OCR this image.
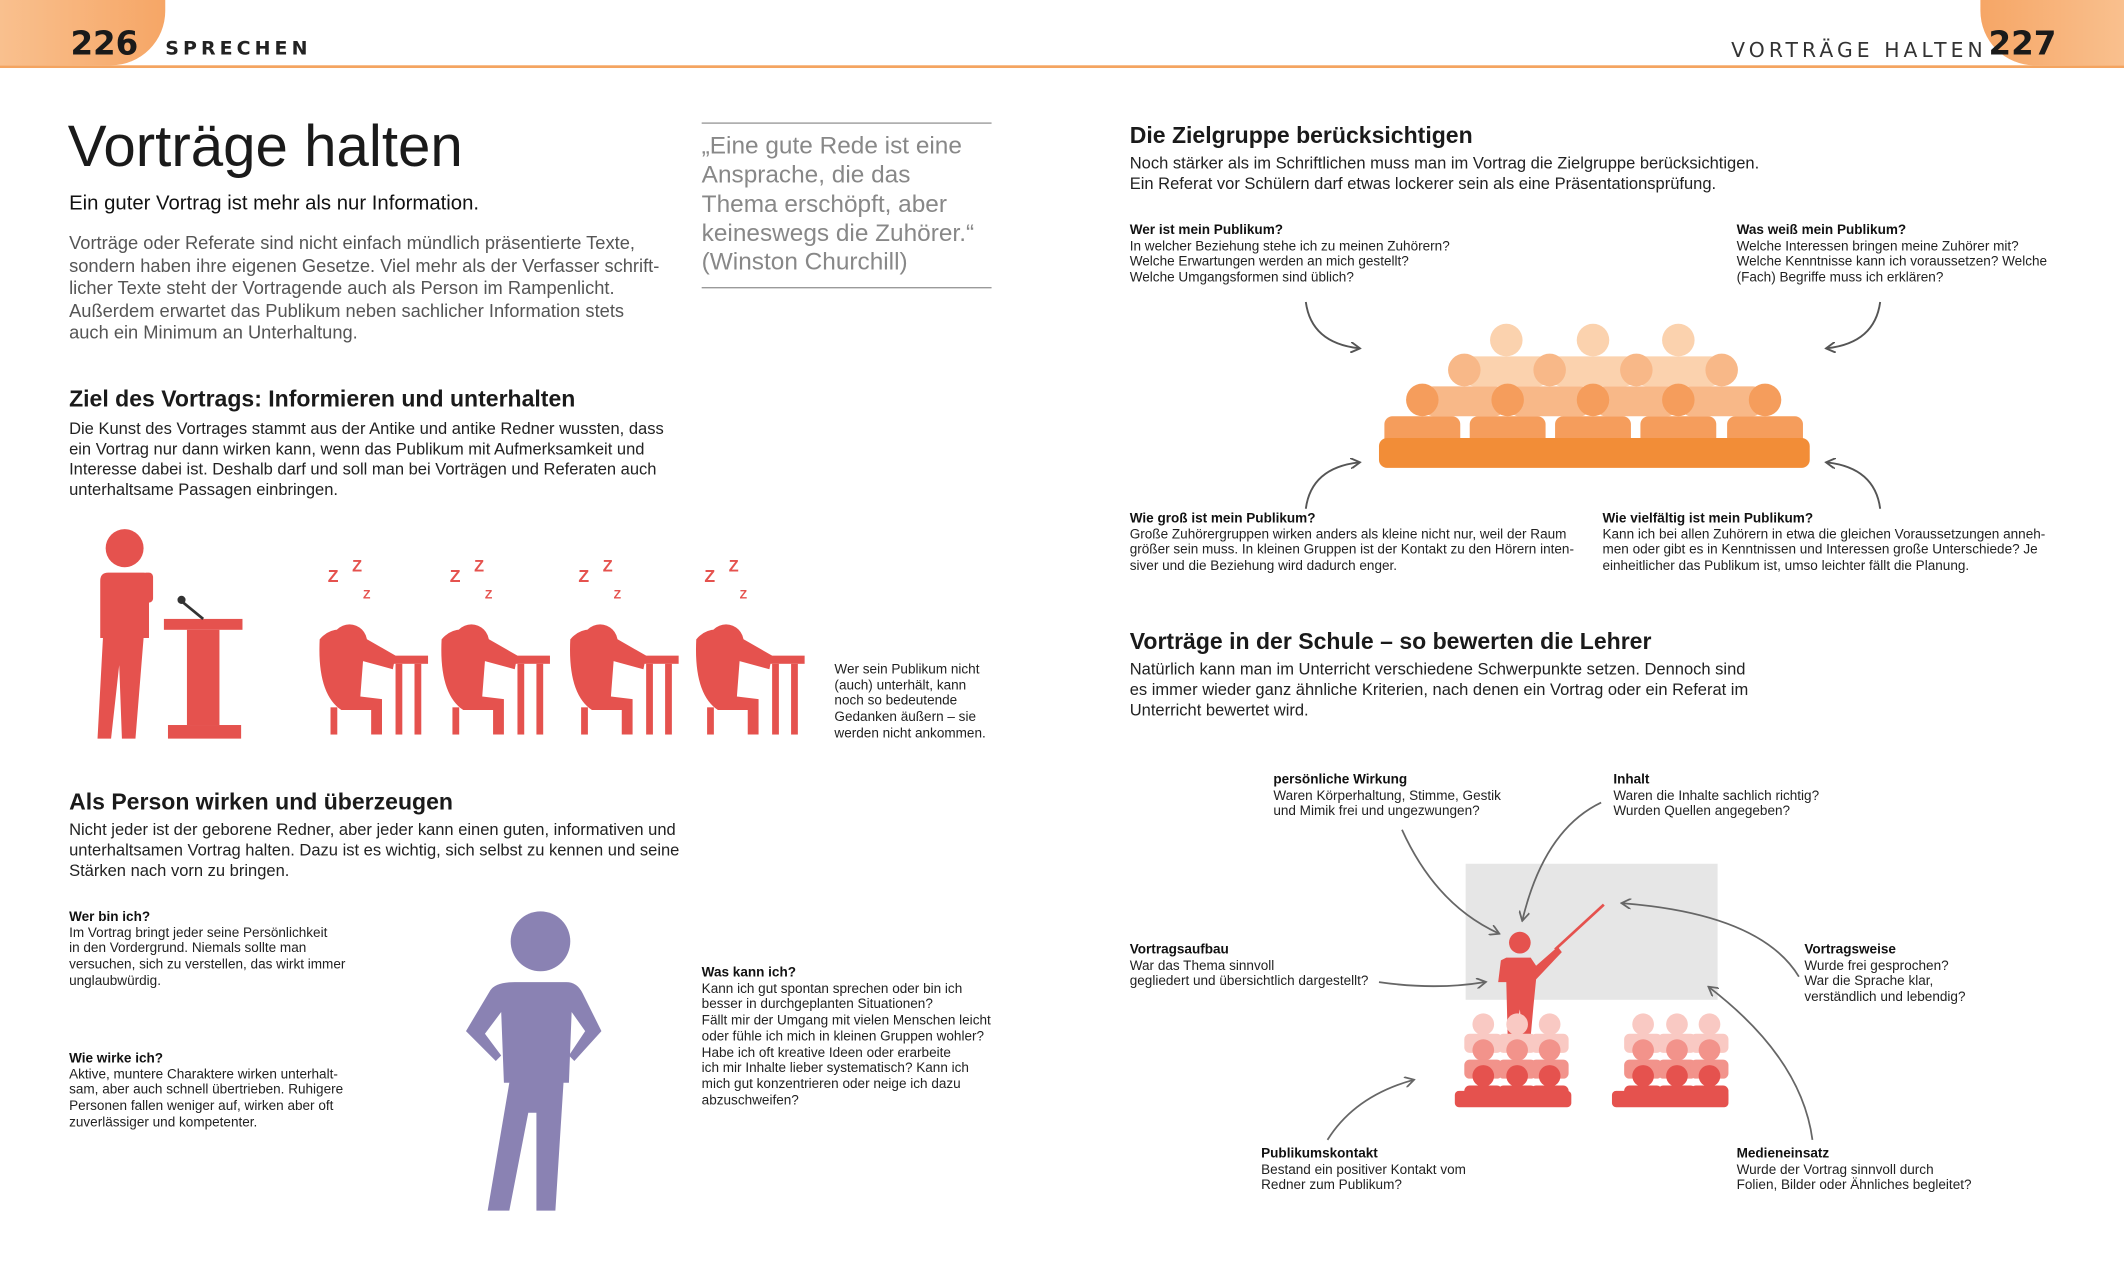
226 SPRECHEN	VORTRÄGE HALTEN 227
Vorträge halten
Ein guter Vortrag ist mehr als nur Information.
Vorträge oder Referate sind nicht einfach mündlich präsentierte Texte,
sondern haben ihre eigenen Gesetze. Viel mehr als der Verfasser schrift-
licher Texte steht der Vortragende auch als Person im Rampenlicht.
Außerdem erwartet das Publikum neben sachlicher Information stets
auch ein Minimum an Unterhaltung.
„Eine gute Rede ist eine
Ansprache, die das
Thema erschöpft, aber
keineswegs die Zuhörer.“
(Winston Churchill)
Ziel des Vortrags: Informieren und unterhalten
Die Kunst des Vortrages stammt aus der Antike und antike Redner wussten, dass
ein Vortrag nur dann wirken kann, wenn das Publikum mit Aufmerksamkeit und
Interesse dabei ist. Deshalb darf und soll man bei Vorträgen und Referaten auch
unterhaltsame Passagen einbringen.
Z Z
Z
Z Z
Z
Z Z
Z
Z Z
Z
Wer sein Publikum nicht
(auch) unterhält, kann
noch so bedeutende
Gedanken äußern – sie
werden nicht ankommen.
Als Person wirken und überzeugen
Nicht jeder ist der geborene Redner, aber jeder kann einen guten, informativen und
unterhaltsamen Vortrag halten. Dazu ist es wichtig, sich selbst zu kennen und seine
Stärken nach vorn zu bringen.
Wer bin ich?
Im Vortrag bringt jeder seine Persönlichkeit
in den Vordergrund. Niemals sollte man
versuchen, sich zu verstellen, das wirkt immer
unglaubwürdig.
Wie wirke ich?
Aktive, muntere Charaktere wirken unterhalt-
sam, aber auch schnell übertrieben. Ruhigere
Personen fallen weniger auf, wirken aber oft
zuverlässiger und kompetenter.
Was kann ich?
Kann ich gut spontan sprechen oder bin ich
besser in durchgeplanten Situationen?
Fällt mir der Umgang mit vielen Menschen leicht
oder fühle ich mich in kleinen Gruppen wohler?
Habe ich oft kreative Ideen oder erarbeite
ich mir Inhalte lieber systematisch? Kann ich
mich gut konzentrieren oder neige ich dazu
abzuschweifen?
Die Zielgruppe berücksichtigen
Noch stärker als im Schriftlichen muss man im Vortrag die Zielgruppe berücksichtigen.
Ein Referat vor Schülern darf etwas lockerer sein als eine Präsentationsprüfung.
Wer ist mein Publikum?
In welcher Beziehung stehe ich zu meinen Zuhörern?
Welche Erwartungen werden an mich gestellt?
Welche Umgangsformen sind üblich?
Was weiß mein Publikum?
Welche Interessen bringen meine Zuhörer mit?
Welche Kenntnisse kann ich voraussetzen? Welche
(Fach) Begriffe muss ich erklären?
Wie groß ist mein Publikum?
Große Zuhörergruppen wirken anders als kleine nicht nur, weil der Raum
größer sein muss. In kleinen Gruppen ist der Kontakt zu den Hörern inten-
siver und die Beziehung wird dadurch enger.
Wie vielfältig ist mein Publikum?
Kann ich bei allen Zuhörern in etwa die gleichen Voraussetzungen anneh-
men oder gibt es in Kenntnissen und Interessen große Unterschiede? Je
einheitlicher das Publikum ist, umso leichter fällt die Planung.
Vorträge in der Schule – so bewerten die Lehrer
Natürlich kann man im Unterricht verschiedene Schwerpunkte setzen. Dennoch sind
es immer wieder ganz ähnliche Kriterien, nach denen ein Vortrag oder ein Referat im
Unterricht bewertet wird.
persönliche Wirkung
Waren Körperhaltung, Stimme, Gestik
und Mimik frei und ungezwungen?
Inhalt
Waren die Inhalte sachlich richtig?
Wurden Quellen angegeben?
Vortragsaufbau
War das Thema sinnvoll
gegliedert und übersichtlich dargestellt?
Vortragsweise
Wurde frei gesprochen?
War die Sprache klar,
verständlich und lebendig?
Publikumskontakt
Bestand ein positiver Kontakt vom
Redner zum Publikum?
Medieneinsatz
Wurde der Vortrag sinnvoll durch
Folien, Bilder oder Ähnliches begleitet?
